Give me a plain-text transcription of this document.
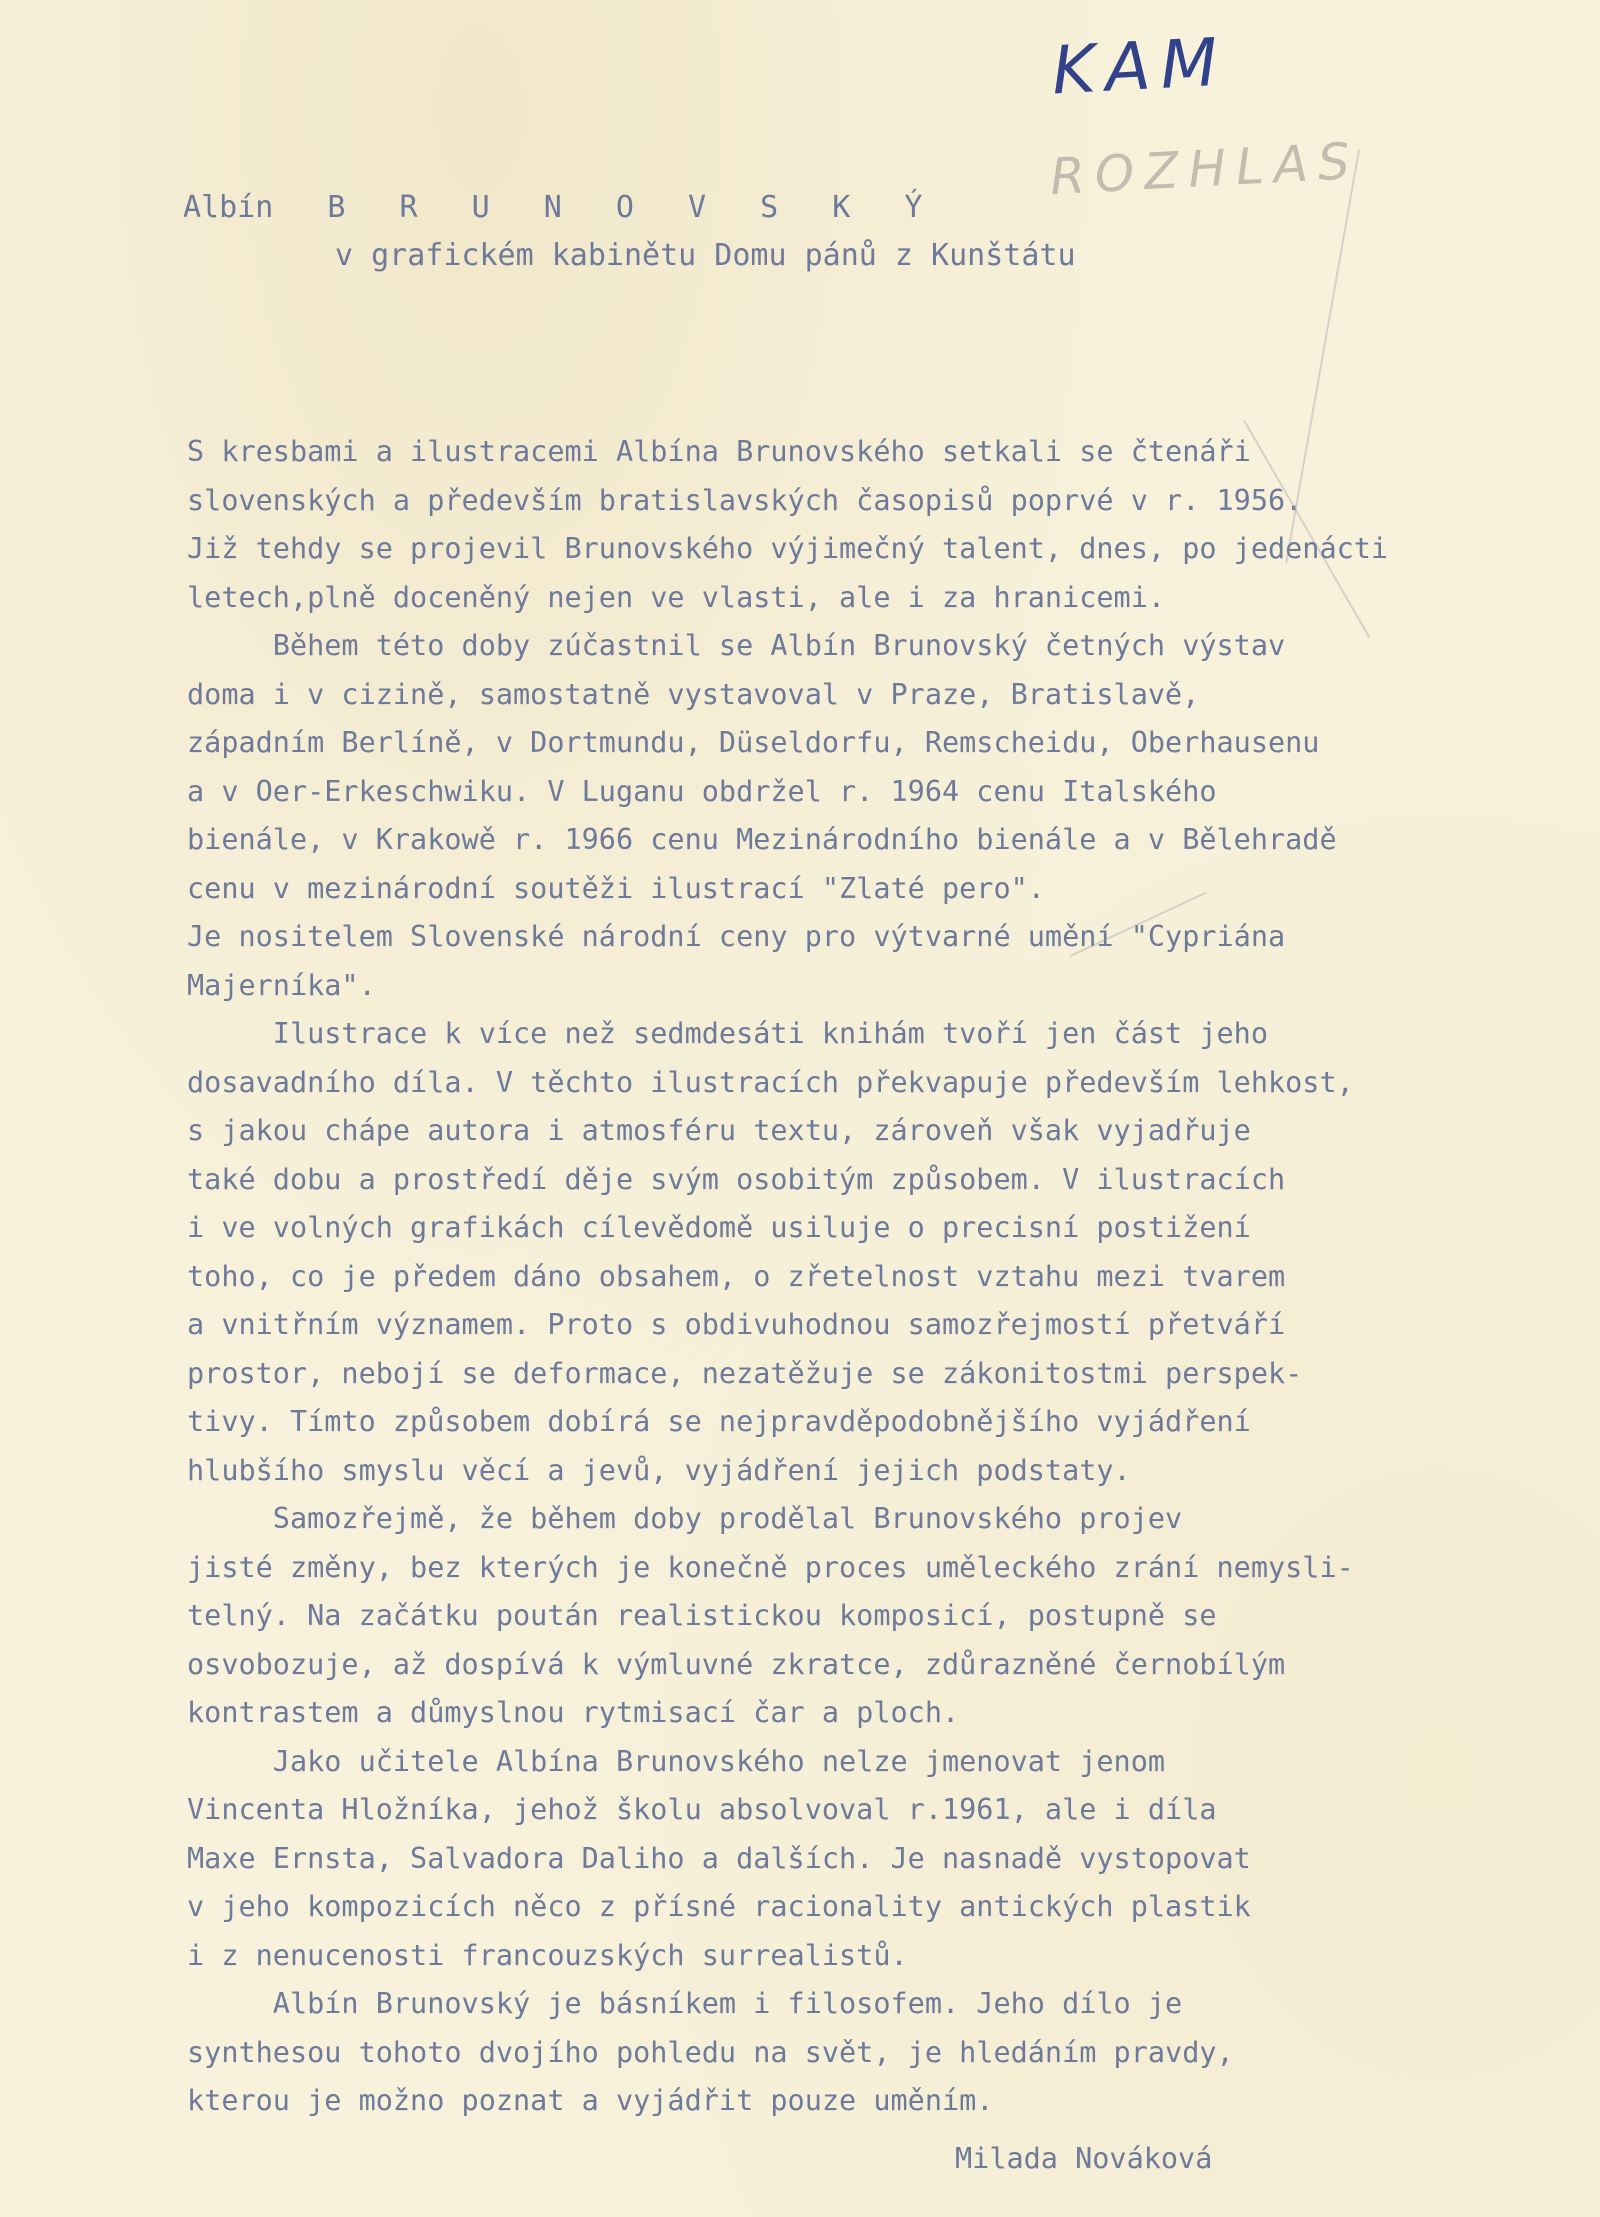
KAM
ROZHLAS
Albín B R U N O V S K Ý
v grafickém kabinětu Domu pánů z Kunštátu
S kresbami a ilustracemi Albína Brunovského setkali se čtenáři
slovenských a především bratislavských časopisů poprvé v r. 1956.
Již tehdy se projevil Brunovského výjimečný talent, dnes, po jedenácti
letech,plně doceněný nejen ve vlasti, ale i za hranicemi.
Během této doby zúčastnil se Albín Brunovský četných výstav
doma i v cizině, samostatně vystavoval v Praze, Bratislavě,
západním Berlíně, v Dortmundu, Düseldorfu, Remscheidu, Oberhausenu
a v Oer-Erkeschwiku. V Luganu obdržel r. 1964 cenu Italského
bienále, v Krakowě r. 1966 cenu Mezinárodního bienále a v Bělehradě
cenu v mezinárodní soutěži ilustrací "Zlaté pero".
Je nositelem Slovenské národní ceny pro výtvarné umění "Cypriána
Majerníka".
Ilustrace k více než sedmdesáti knihám tvoří jen část jeho
dosavadního díla. V těchto ilustracích překvapuje především lehkost,
s jakou chápe autora i atmosféru textu, zároveň však vyjadřuje
také dobu a prostředí děje svým osobitým způsobem. V ilustracích
i ve volných grafikách cílevědomě usiluje o precisní postižení
toho, co je předem dáno obsahem, o zřetelnost vztahu mezi tvarem
a vnitřním významem. Proto s obdivuhodnou samozřejmostí přetváří
prostor, nebojí se deformace, nezatěžuje se zákonitostmi perspek-
tivy. Tímto způsobem dobírá se nejpravděpodobnějšího vyjádření
hlubšího smyslu věcí a jevů, vyjádření jejich podstaty.
Samozřejmě, že během doby prodělal Brunovského projev
jisté změny, bez kterých je konečně proces uměleckého zrání nemysli-
telný. Na začátku poután realistickou komposicí, postupně se
osvobozuje, až dospívá k výmluvné zkratce, zdůrazněné černobílým
kontrastem a důmyslnou rytmisací čar a ploch.
Jako učitele Albína Brunovského nelze jmenovat jenom
Vincenta Hložníka, jehož školu absolvoval r.1961, ale i díla
Maxe Ernsta, Salvadora Daliho a dalších. Je nasnadě vystopovat
v jeho kompozicích něco z přísné racionality antických plastik
i z nenucenosti francouzských surrealistů.
Albín Brunovský je básníkem i filosofem. Jeho dílo je
synthesou tohoto dvojího pohledu na svět, je hledáním pravdy,
kterou je možno poznat a vyjádřit pouze uměním.
Milada Nováková
